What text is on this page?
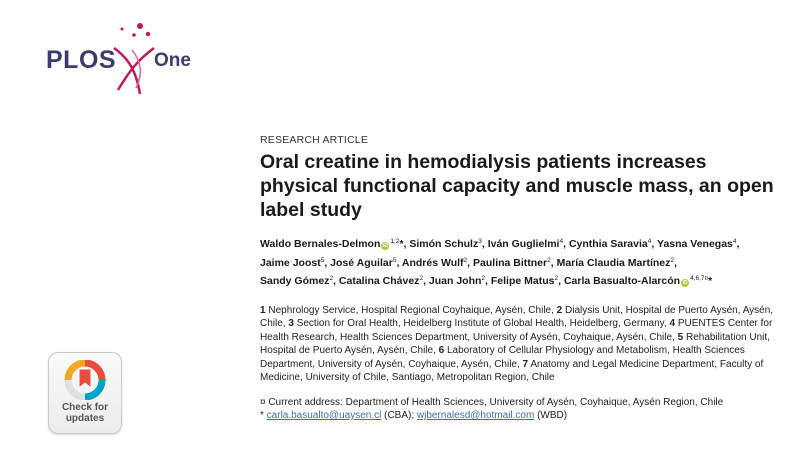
PLOS One
Check for
updates
RESEARCH ARTICLE
Oral creatine in hemodialysis patients increases physical functional capacity and muscle mass, an open label study
Waldo Bernales-Delmon iD$^{1,2}$*, Simón Schulz$^3$, Iván Guglielmi$^4$, Cynthia Saravia$^4$, Yasna Venegas$^4$,
Jaime Joost$^5$, José Aguilar$^5$, Andrés Wulf$^2$, Paulina Bittner$^2$, María Claudia Martínez$^2$,
Sandy Gómez$^2$, Catalina Chávez$^2$, Juan John$^2$, Felipe Matus$^2$, Carla Basualto-Alarcón $iD^{4,6,7¤}*$
1 Nephrology Service, Hospital Regional Coyhaique, Aysén, Chile, 2 Dialysis Unit, Hospital de Puerto Aysén, Aysén, Chile, 3 Section for Oral Health, Heidelberg Institute of Global Health, Heidelberg, Germany, 4 PUENTES Center for Health Research, Health Sciences Department, University of Aysén, Coyhaique, Aysén, Chile, 5 Rehabilitation Unit, Hospital de Puerto Aysén, Aysén, Chile, 6 Laboratory of Cellular Physiology and Metabolism, Health Sciences Department, University of Aysén, Coyhaique, Aysén, Chile, 7 Anatomy and Legal Medicine Department, Faculty of Medicine, University of Chile, Santiago, Metropolitan Region, Chile
¤ Current address: Department of Health Sciences, University of Aysén, Coyhaique, Aysén Region, Chile
* carla.basualto@uaysen.cl (CBA); wjbernalesd@hotmail.com (WBD)
